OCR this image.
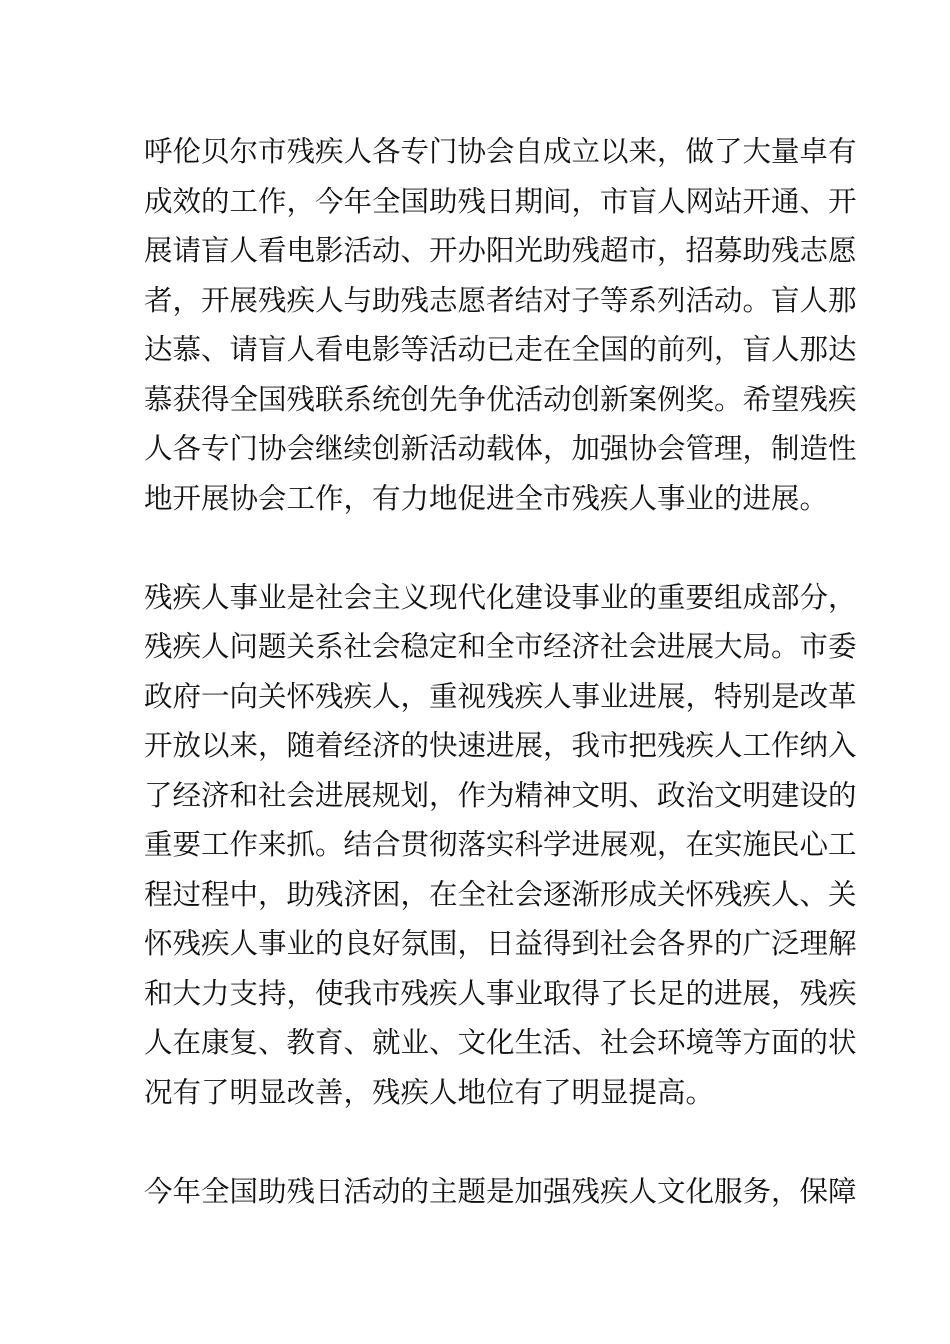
呼伦贝尔市残疾人各专门协会自成立以来，做了大量卓有
成效的工作，今年全国助残日期间，市盲人网站开通、开
展请盲人看电影活动、开办阳光助残超市，招募助残志愿
者，开展残疾人与助残志愿者结对子等系列活动。盲人那
达慕、请盲人看电影等活动已走在全国的前列，盲人那达
慕获得全国残联系统创先争优活动创新案例奖。希望残疾
人各专门协会继续创新活动载体，加强协会管理，制造性
地开展协会工作，有力地促进全市残疾人事业的进展。

残疾人事业是社会主义现代化建设事业的重要组成部分，
残疾人问题关系社会稳定和全市经济社会进展大局。市委
政府一向关怀残疾人，重视残疾人事业进展，特别是改革
开放以来，随着经济的快速进展，我市把残疾人工作纳入
了经济和社会进展规划，作为精神文明、政治文明建设的
重要工作来抓。结合贯彻落实科学进展观，在实施民心工
程过程中，助残济困，在全社会逐渐形成关怀残疾人、关
怀残疾人事业的良好氛围，日益得到社会各界的广泛理解
和大力支持，使我市残疾人事业取得了长足的进展，残疾
人在康复、教育、就业、文化生活、社会环境等方面的状
况有了明显改善，残疾人地位有了明显提高。

今年全国助残日活动的主题是加强残疾人文化服务，保障
